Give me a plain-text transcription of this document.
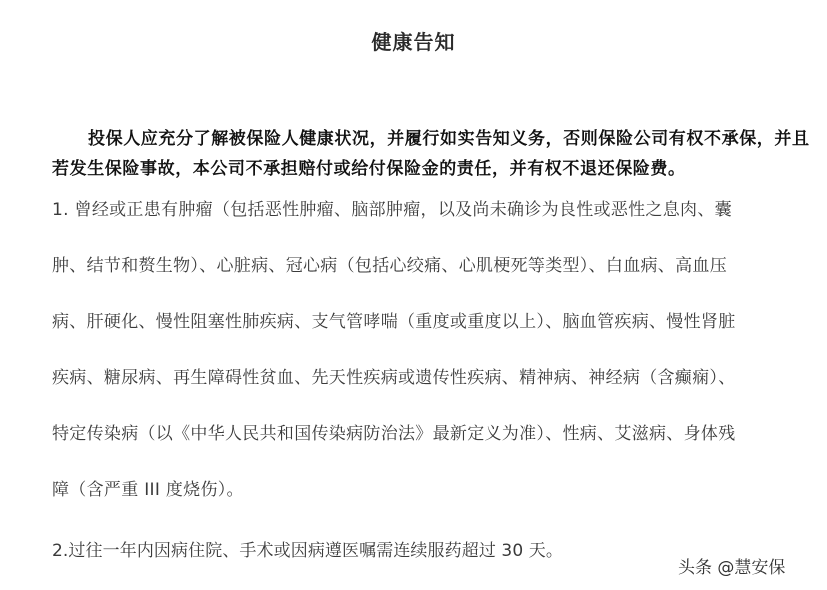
健康告知
投保人应充分了解被保险人健康状况，并履行如实告知义务，否则保险公司有权不承保，并且若发生保险事故，本公司不承担赔付或给付保险金的责任，并有权不退还保险费。
1. 曾经或正患有肿瘤（包括恶性肿瘤、脑部肿瘤，以及尚未确诊为良性或恶性之息肉、囊
肿、结节和赘生物）、心脏病、冠心病（包括心绞痛、心肌梗死等类型）、白血病、高血压
病、肝硬化、慢性阻塞性肺疾病、支气管哮喘（重度或重度以上）、脑血管疾病、慢性肾脏
疾病、糖尿病、再生障碍性贫血、先天性疾病或遗传性疾病、精神病、神经病（含癫痫）、
特定传染病（以《中华人民共和国传染病防治法》最新定义为准）、性病、艾滋病、身体残
障（含严重 III 度烧伤）。
2.过往一年内因病住院、手术或因病遵医嘱需连续服药超过 30 天。
头条 @慧安保
